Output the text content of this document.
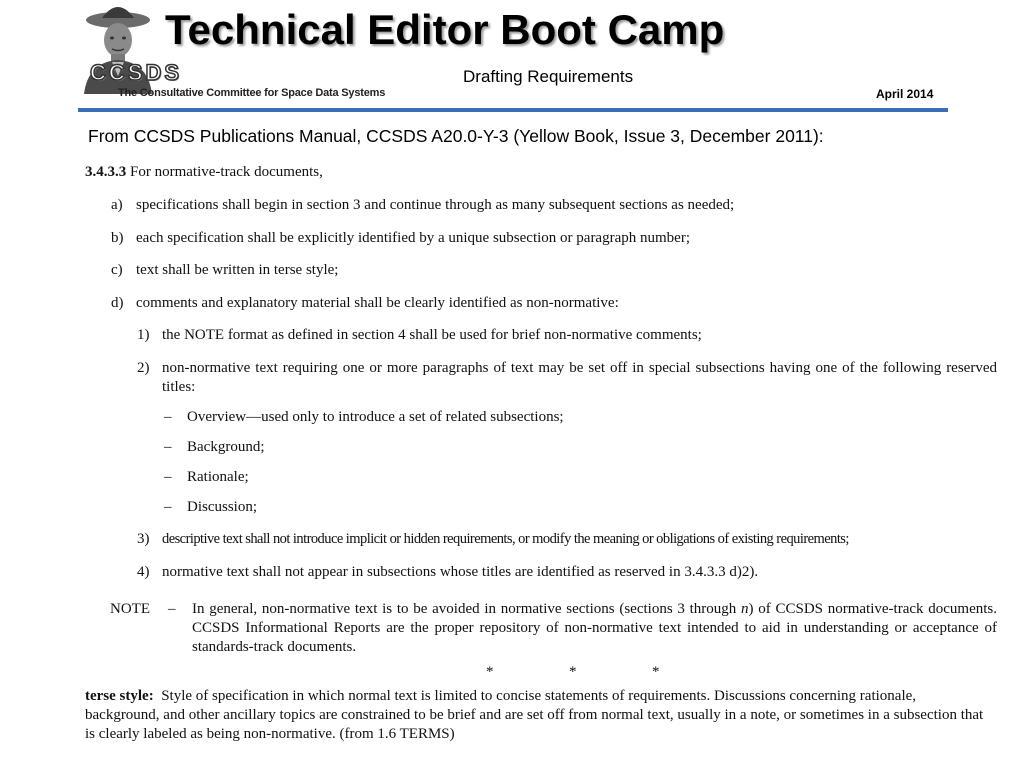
CCSDS
The Consultative Committee for Space Data Systems
Technical Editor Boot Camp
Drafting Requirements
April 2014
From CCSDS Publications Manual, CCSDS A20.0-Y-3 (Yellow Book, Issue 3, December 2011):
3.4.3.3 For normative-track documents,
a) specifications shall begin in section 3 and continue through as many subsequent sections as needed;
b) each specification shall be explicitly identified by a unique subsection or paragraph number;
c) text shall be written in terse style;
d) comments and explanatory material shall be clearly identified as non-normative:
1) the NOTE format as defined in section 4 shall be used for brief non-normative comments;
2) non-normative text requiring one or more paragraphs of text may be set off in special subsections having one of the following reserved titles:
– Overview—used only to introduce a set of related subsections;
– Background;
– Rationale;
– Discussion;
3) descriptive text shall not introduce implicit or hidden requirements, or modify the meaning or obligations of existing requirements;
4) normative text shall not appear in subsections whose titles are identified as reserved in 3.4.3.3 d)2).
NOTE – In general, non-normative text is to be avoided in normative sections (sections 3 through n) of CCSDS normative-track documents. CCSDS Informational Reports are the proper repository of non-normative text intended to aid in understanding or acceptance of standards-track documents.
*  *  *
terse style: Style of specification in which normal text is limited to concise statements of requirements. Discussions concerning rationale, background, and other ancillary topics are constrained to be brief and are set off from normal text, usually in a note, or sometimes in a subsection that is clearly labeled as being non-normative. (from 1.6 TERMS)
